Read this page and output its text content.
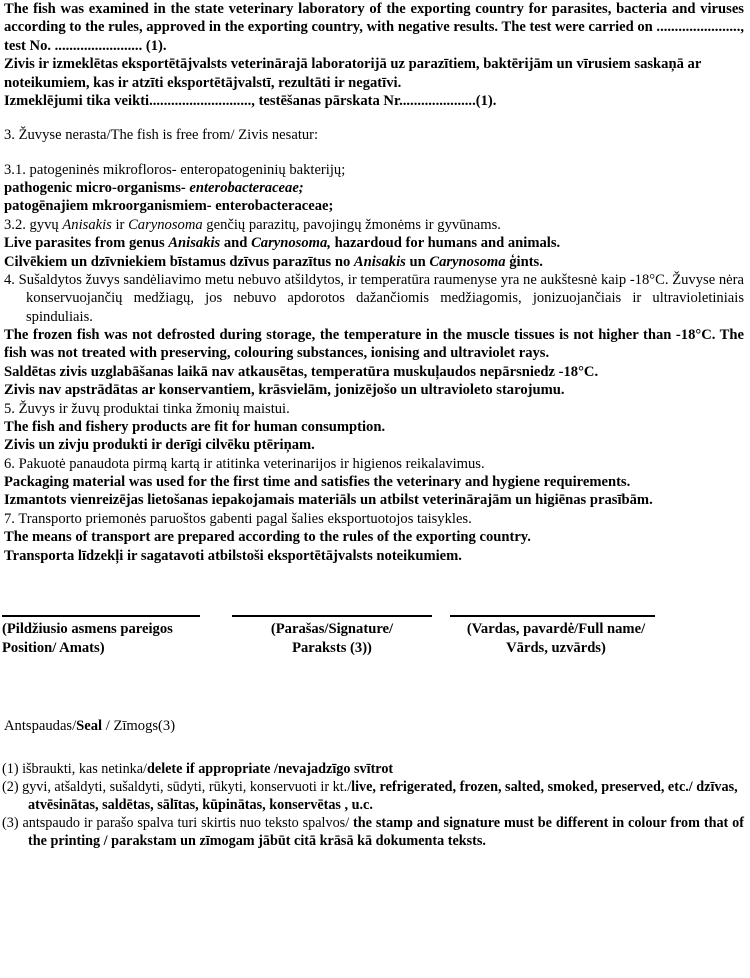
The fish was examined in the state veterinary laboratory of the exporting country for parasites, bacteria and viruses according to the rules, approved in the exporting country, with negative results. The test were carried on ......................., test No. ........................ (1).

Zivis ir izmeklētas eksportētājvalsts veterinārajā laboratorijā uz parazītiem, baktērijām un vīrusiem saskaņā ar noteikumiem, kas ir atzīti eksportētājvalstī, rezultāti ir negatīvi.

Izmeklējumi tika veikti............................, testēšanas pārskata Nr.....................(1).

3. Žuvyse nerasta/The fish is free from/ Zivis nesatur:

3.1. patogeninės mikrofloros- enteropatogeninių bakterijų;

pathogenic micro-organisms- enterobacteraceae;

patogēnajiem mkroorganismiem- enterobacteraceae;

3.2. gyvų Anisakis ir Carynosoma genčių parazitų, pavojingų žmonėms ir gyvūnams.

Live parasites from genus Anisakis and Carynosoma, hazardoud for humans and animals.

Cilvēkiem un dzīvniekiem bīstamus dzīvus parazītus no Anisakis un Carynosoma ģints.

4. Sušaldytos žuvys sandėliavimo metu nebuvo atšildytos, ir temperatūra raumenyse yra ne aukštesnė kaip -18°C. Žuvyse nėra konservuojančių medžiagų, jos nebuvo apdorotos dažančiomis medžiagomis, jonizuojančiais ir ultravioletiniais spinduliais.

The frozen fish was not defrosted during storage, the temperature in the muscle tissues is not higher than -18°C. The fish was not treated with preserving, colouring substances, ionising and ultraviolet rays.

Saldētas zivis uzglabāšanas laikā nav atkausētas, temperatūra muskuļaudos nepārsniedz -18°C.

Zivis nav apstrādātas ar konservantiem, krāsvielām, jonizējošo un ultravioleto starojumu.

5. Žuvys ir žuvų produktai tinka žmonių maistui.

The fish and fishery products are fit for human consumption.

Zivis un zivju produkti ir derīgi cilvēku ptēriņam.

6. Pakuotė panaudota pirmą kartą ir atitinka veterinarijos ir higienos reikalavimus.

Packaging material was used for the first time and satisfies the veterinary and hygiene requirements.

Izmantots vienreizējas lietošanas iepakojamais materiāls un atbilst veterinārajām un higiēnas prasībām.

7. Transporto priemonės paruoštos gabenti pagal šalies eksportuotojos taisykles.

The means of transport are prepared according to the rules of the exporting country.

Transporta līdzekļi ir sagatavoti atbilstoši eksportētājvalsts noteikumiem.

(Pildžiusio asmens pareigos
Position/ Amats)
(Parašas/Signature/
Paraksts (3))
(Vardas, pavardė/Full name/
Vārds, uzvārds)

Antspaudas/Seal / Zīmogs(3)

(1) išbraukti, kas netinka/delete if appropriate /nevajadzīgo svītrot

(2) gyvi, atšaldyti, sušaldyti, sūdyti, rūkyti, konservuoti ir kt./live, refrigerated, frozen, salted, smoked, preserved, etc./ dzīvas, atvēsinātas, saldētas, sālītas, kūpinātas, konservētas , u.c.

(3) antspaudo ir parašo spalva turi skirtis nuo teksto spalvos/ the stamp and signature must be different in colour from that of the printing / parakstam un zīmogam jābūt citā krāsā kā dokumenta teksts.
